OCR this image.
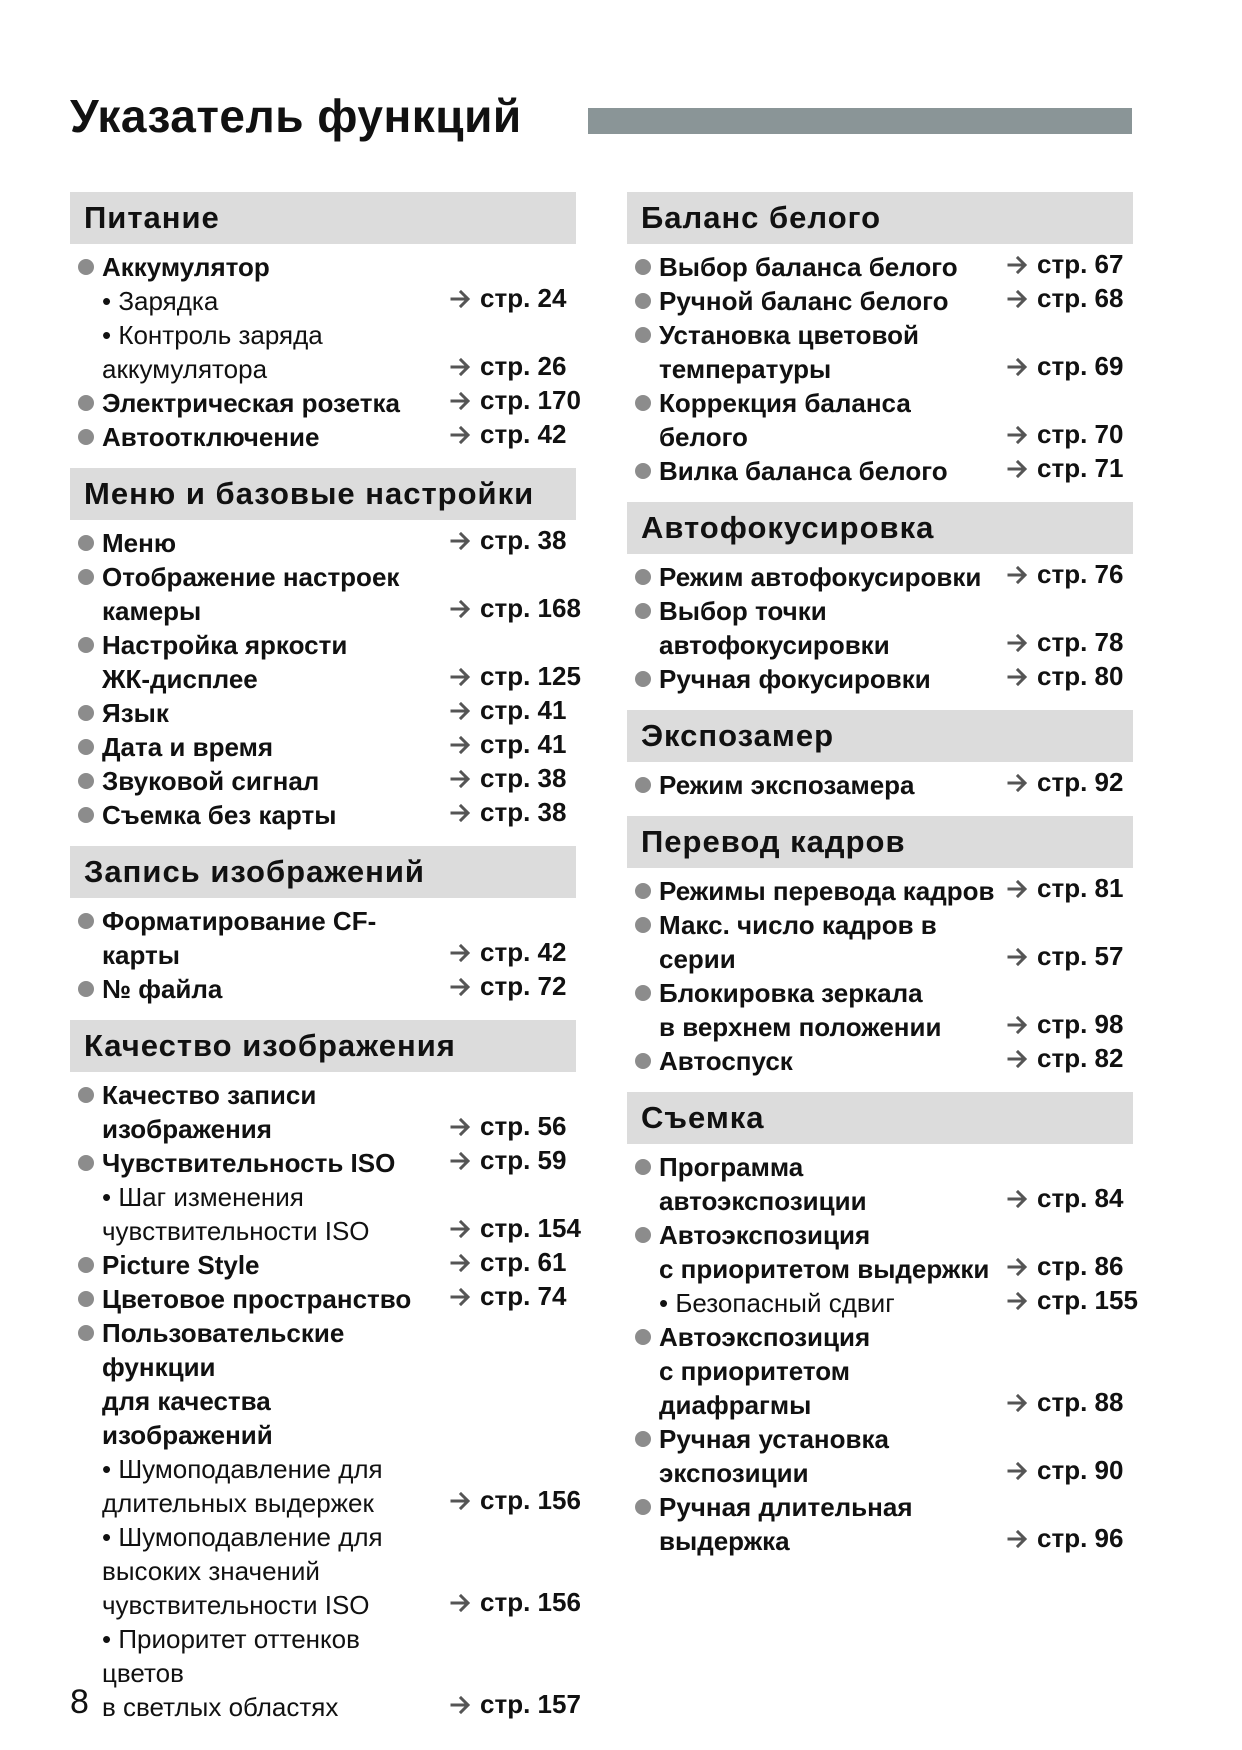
Указатель функций
Питание
Аккумулятор
• Зарядка	стр. 24
• Контроль заряда
аккумулятора	стр. 26
Электрическая розетка	стр. 170
Автоотключение	стр. 42
Меню и базовые настройки
Меню	стр. 38
Отображение настроек
камеры	стр. 168
Настройка яркости
ЖК-дисплее	стр. 125
Язык	стр. 41
Дата и время	стр. 41
Звуковой сигнал	стр. 38
Съемка без карты	стр. 38
Запись изображений
Форматирование CF-карты	стр. 42
№ файла	стр. 72
Качество изображения
Качество записи
изображения	стр. 56
Чувствительность ISO	стр. 59
• Шаг изменения
чувствительности ISO	стр. 154
Picture Style	стр. 61
Цветовое пространство	стр. 74
Пользовательские функции
для качества изображений
• Шумоподавление для
длительных выдержек	стр. 156
• Шумоподавление для
высоких значений
чувствительности ISO	стр. 156
• Приоритет оттенков цветов
в светлых областях	стр. 157
Баланс белого
Выбор баланса белого	стр. 67
Ручной баланс белого	стр. 68
Установка цветовой
температуры	стр. 69
Коррекция баланса белого	стр. 70
Вилка баланса белого	стр. 71
Автофокусировка
Режим автофокусировки	стр. 76
Выбор точки
автофокусировки	стр. 78
Ручная фокусировки	стр. 80
Экспозамер
Режим экспозамера	стр. 92
Перевод кадров
Режимы перевода кадров	стр. 81
Макс. число кадров в серии	стр. 57
Блокировка зеркала
в верхнем положении	стр. 98
Автоспуск	стр. 82
Съемка
Программа автоэкспозиции	стр. 84
Автоэкспозиция
с приоритетом выдержки	стр. 86
• Безопасный сдвиг	стр. 155
Автоэкспозиция
с приоритетом диафрагмы	стр. 88
Ручная установка
экспозиции	стр. 90
Ручная длительная
выдержка	стр. 96
8
